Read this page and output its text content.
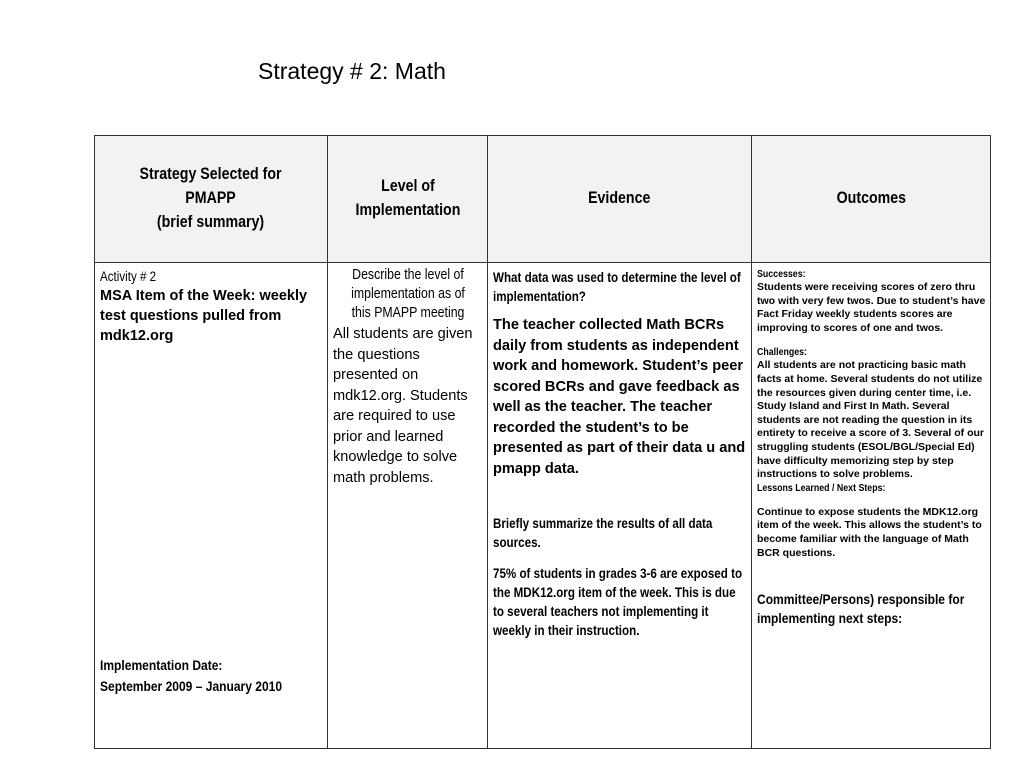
Strategy # 2: Math
Strategy Selected for
PMAPP
(brief summary)
Level of
Implementation
Evidence	Outcomes
Activity # 2
MSA Item of the Week: weekly test questions pulled from mdk12.org
Implementation Date:
September 2009 – January 2010
Describe the level of implementation as of this PMAPP meeting
All students are given the questions presented on mdk12.org. Students are required to use prior and learned knowledge to solve math problems.
What data was used to determine the level of implementation?
The teacher collected Math BCRs daily from students as independent work and homework. Student’s peer scored BCRs and gave feedback as well as the teacher. The teacher recorded the student’s to be presented as part of their data u and pmapp data.
Briefly summarize the results of all data sources.
75% of students in grades 3-6 are exposed to the MDK12.org item of the week. This is due to several teachers not implementing it weekly in their instruction.
Successes:
Students were receiving scores of zero thru two with very few twos. Due to student’s have Fact Friday weekly students scores are improving to scores of one and twos.
Challenges:
All students are not practicing basic math facts at home. Several students do not utilize the resources given during center time, i.e. Study Island and First In Math. Several students are not reading the question in its entirety to receive a score of 3. Several of our struggling students (ESOL/BGL/Special Ed) have difficulty memorizing step by step instructions to solve problems.
Lessons Learned / Next Steps:
Continue to expose students the MDK12.org item of the week. This allows the student’s to become familiar with the language of Math BCR questions.
Committee/Persons) responsible for implementing next steps:
